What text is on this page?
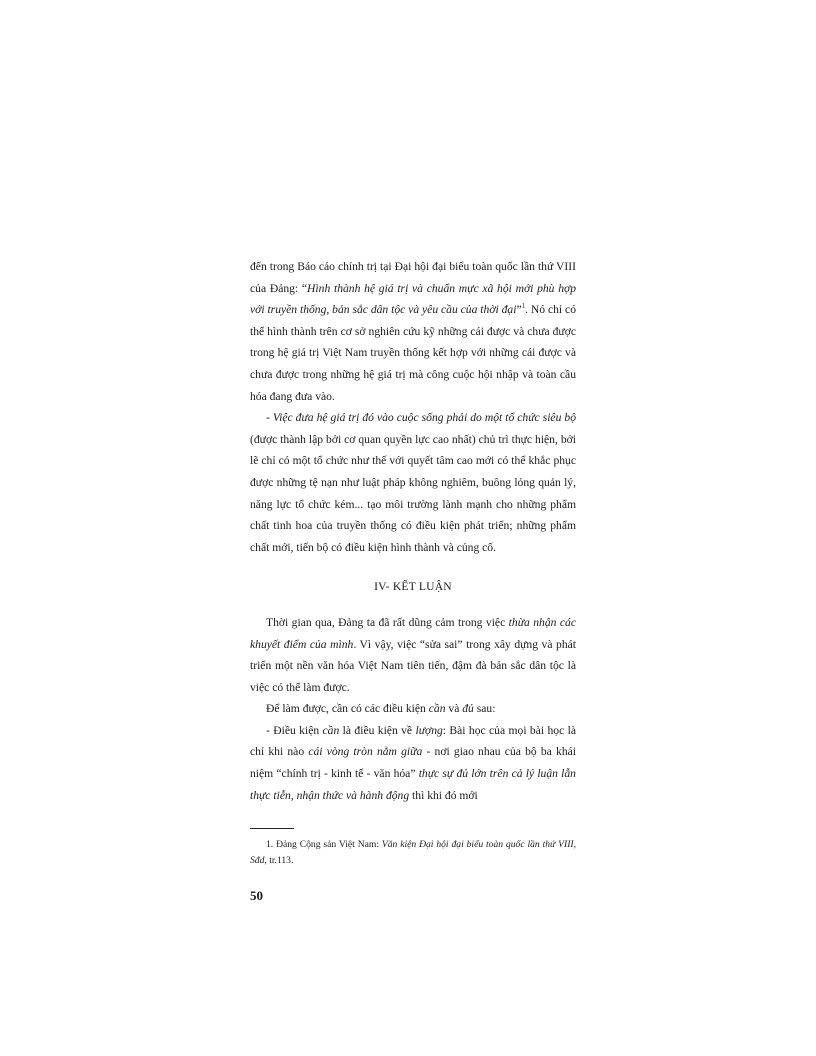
đến trong Báo cáo chính trị tại Đại hội đại biểu toàn quốc lần thứ VIII của Đảng: “Hình thành hệ giá trị và chuẩn mực xã hội mới phù hợp với truyền thống, bản sắc dân tộc và yêu cầu của thời đại”$^1$. Nó chỉ có thể hình thành trên cơ sở nghiên cứu kỹ những cái được và chưa được trong hệ giá trị Việt Nam truyền thống kết hợp với những cái được và chưa được trong những hệ giá trị mà công cuộc hội nhập và toàn cầu hóa đang đưa vào.

- Việc đưa hệ giá trị đó vào cuộc sống phải do một tổ chức siêu bộ (được thành lập bởi cơ quan quyền lực cao nhất) chủ trì thực hiện, bởi lẽ chỉ có một tổ chức như thế với quyết tâm cao mới có thể khắc phục được những tệ nạn như luật pháp không nghiêm, buông lỏng quản lý, năng lực tổ chức kém... tạo môi trường lành mạnh cho những phẩm chất tinh hoa của truyền thống có điều kiện phát triển; những phẩm chất mới, tiến bộ có điều kiện hình thành và củng cố.

IV- KẾT LUẬN

Thời gian qua, Đảng ta đã rất dũng cảm trong việc thừa nhận các khuyết điểm của mình. Vì vậy, việc “sửa sai” trong xây dựng và phát triển một nền văn hóa Việt Nam tiên tiến, đậm đà bản sắc dân tộc là việc có thể làm được.

Để làm được, cần có các điều kiện cần và đủ sau:

- Điều kiện cần là điều kiện về lượng: Bài học của mọi bài học là chỉ khi nào cái vòng tròn nằm giữa - nơi giao nhau của bộ ba khái niệm “chính trị - kinh tế - văn hóa” thực sự đủ lớn trên cả lý luận lẫn thực tiễn, nhận thức và hành động thì khi đó mới

1. Đảng Cộng sản Việt Nam: Văn kiện Đại hội đại biểu toàn quốc lần thứ VIII, Sđd, tr.113.

50
